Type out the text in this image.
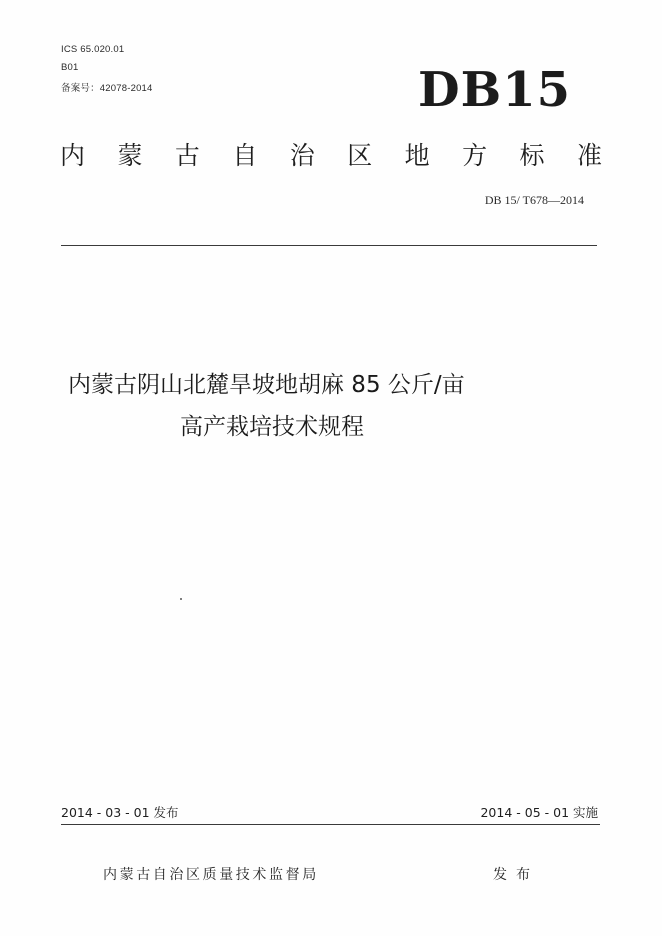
ICS 65.020.01
B01
备案号：42078-2014	DB15
内 蒙 古 自 治 区 地 方 标 准
DB 15/ T678—2014
内蒙古阴山北麓旱坡地胡麻 85 公斤/亩
高产栽培技术规程
2014 - 03 - 01 发布	2014 - 05 - 01 实施
内蒙古自治区质量技术监督局	发布
